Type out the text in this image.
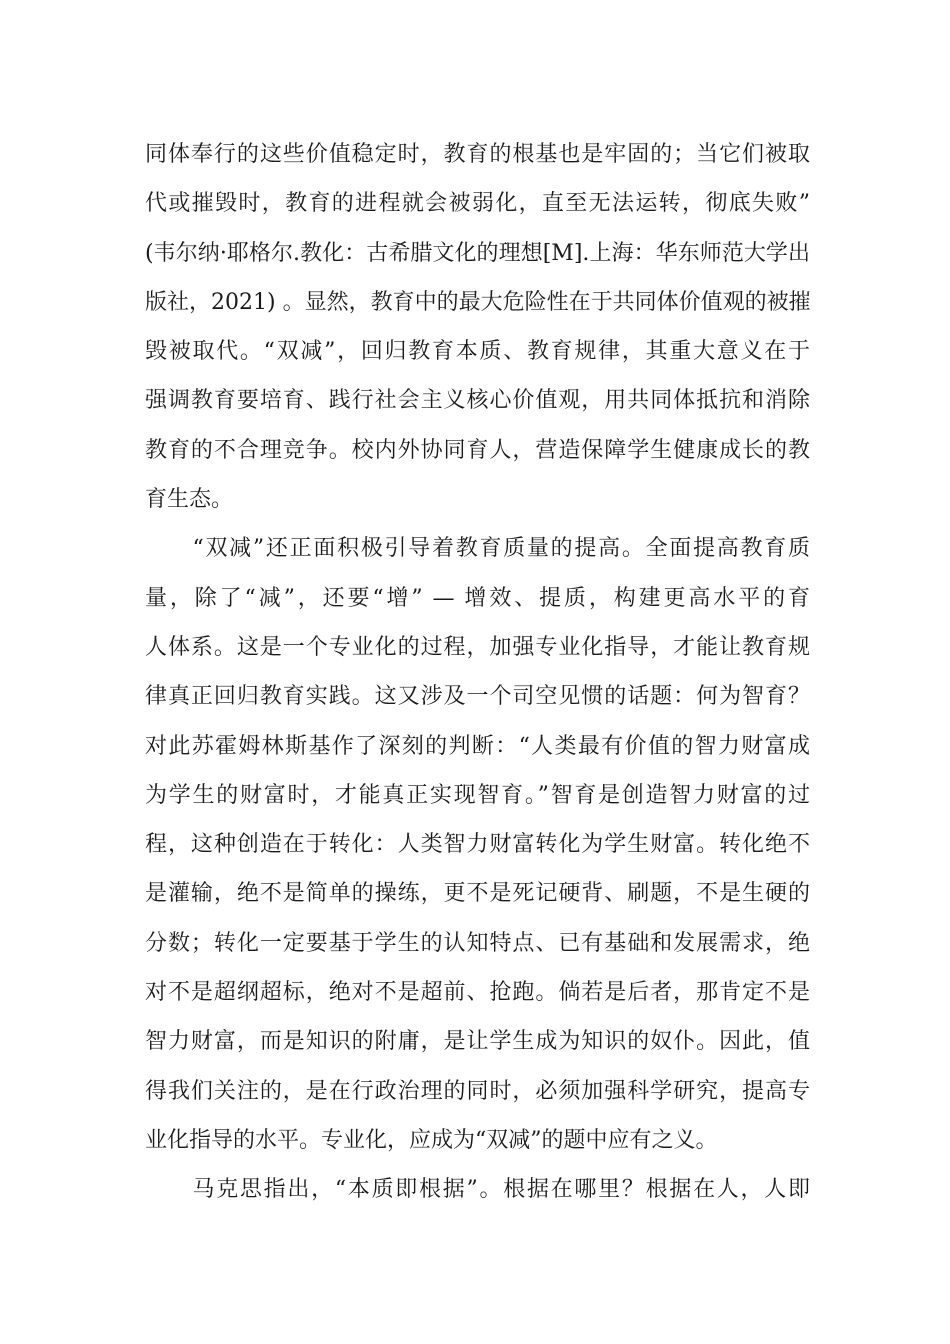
同体奉行的这些价值稳定时，教育的根基也是牢固的；当它们被取
代或摧毁时，教育的进程就会被弱化，直至无法运转，彻底失败”
(韦尔纳·耶格尔.教化：古希腊文化的理想[M].上海：华东师范大学出
版社，2021) 。显然，教育中的最大危险性在于共同体价值观的被摧
毁被取代。“双减”，回归教育本质、教育规律，其重大意义在于
强调教育要培育、践行社会主义核心价值观，用共同体抵抗和消除
教育的不合理竞争。校内外协同育人，营造保障学生健康成长的教
育生态。
　　“双减”还正面积极引导着教育质量的提高。全面提高教育质
量，除了“减”，还要“增” — 增效、提质，构建更高水平的育
人体系。这是一个专业化的过程，加强专业化指导，才能让教育规
律真正回归教育实践。这又涉及一个司空见惯的话题：何为智育？
对此苏霍姆林斯基作了深刻的判断：“人类最有价值的智力财富成
为学生的财富时，才能真正实现智育。”智育是创造智力财富的过
程，这种创造在于转化：人类智力财富转化为学生财富。转化绝不
是灌输，绝不是简单的操练，更不是死记硬背、刷题，不是生硬的
分数；转化一定要基于学生的认知特点、已有基础和发展需求，绝
对不是超纲超标，绝对不是超前、抢跑。倘若是后者，那肯定不是
智力财富，而是知识的附庸，是让学生成为知识的奴仆。因此，值
得我们关注的，是在行政治理的同时，必须加强科学研究，提高专
业化指导的水平。专业化，应成为“双减”的题中应有之义。
　　马克思指出，“本质即根据”。根据在哪里？根据在人，人即
